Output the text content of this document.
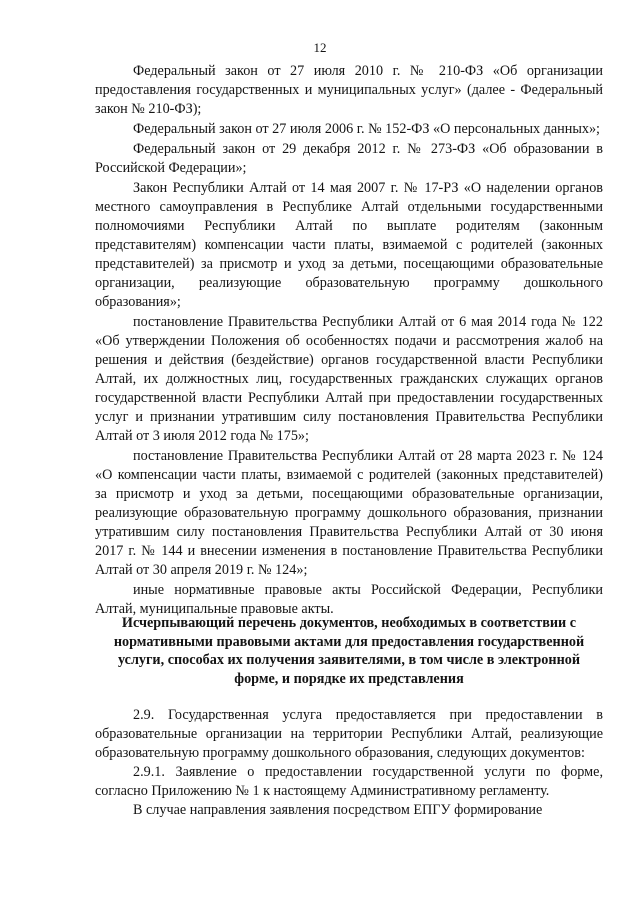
12

Федеральный закон от 27 июля 2010 г. № 210-ФЗ «Об организации предоставления государственных и муниципальных услуг» (далее - Федеральный закон № 210-ФЗ);

Федеральный закон от 27 июля 2006 г. № 152-ФЗ «О персональных данных»;

Федеральный закон от 29 декабря 2012 г. № 273-ФЗ «Об образовании в Российской Федерации»;

Закон Республики Алтай от 14 мая 2007 г. № 17-РЗ «О наделении органов местного самоуправления в Республике Алтай отдельными государственными полномочиями Республики Алтай по выплате родителям (законным представителям) компенсации части платы, взимаемой с родителей (законных представителей) за присмотр и уход за детьми, посещающими образовательные организации, реализующие образовательную программу дошкольного образования»;

постановление Правительства Республики Алтай от 6 мая 2014 года № 122 «Об утверждении Положения об особенностях подачи и рассмотрения жалоб на решения и действия (бездействие) органов государственной власти Республики Алтай, их должностных лиц, государственных гражданских служащих органов государственной власти Республики Алтай при предоставлении государственных услуг и признании утратившим силу постановления Правительства Республики Алтай от 3 июля 2012 года № 175»;

постановление Правительства Республики Алтай от 28 марта 2023 г. № 124 «О компенсации части платы, взимаемой с родителей (законных представителей) за присмотр и уход за детьми, посещающими образовательные организации, реализующие образовательную программу дошкольного образования, признании утратившим силу постановления Правительства Республики Алтай от 30 июня 2017 г. № 144 и внесении изменения в постановление Правительства Республики Алтай от 30 апреля 2019 г. № 124»;

иные нормативные правовые акты Российской Федерации, Республики Алтай, муниципальные правовые акты.

Исчерпывающий перечень документов, необходимых в соответствии с нормативными правовыми актами для предоставления государственной услуги, способах их получения заявителями, в том числе в электронной форме, и порядке их представления

2.9. Государственная услуга предоставляется при предоставлении в образовательные организации на территории Республики Алтай, реализующие образовательную программу дошкольного образования, следующих документов:

2.9.1. Заявление о предоставлении государственной услуги по форме, согласно Приложению № 1 к настоящему Административному регламенту.

В случае направления заявления посредством ЕПГУ формирование
